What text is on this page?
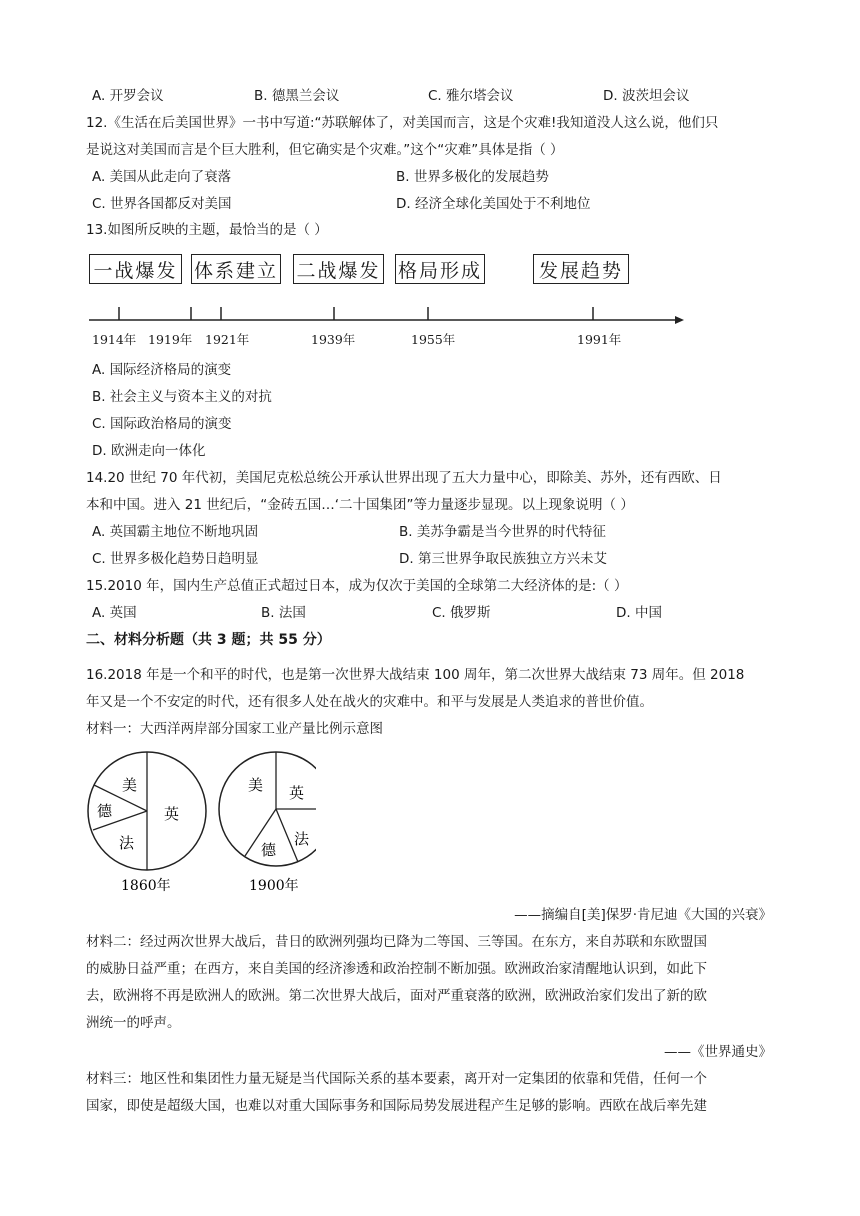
A. 开罗会议	B. 德黑兰会议	C. 雅尔塔会议	D. 波茨坦会议
12.《生活在后美国世界》一书中写道:“苏联解体了，对美国而言，这是个灾难!我知道没人这么说，他们只
是说这对美国而言是个巨大胜利，但它确实是个灾难。”这个“灾难”具体是指（ ）
A. 美国从此走向了衰落	B. 世界多极化的发展趋势
C. 世界各国都反对美国	D. 经济全球化美国处于不利地位
13.如图所反映的主题，最恰当的是（ ）
一战爆发 体系建立 二战爆发 格局形成	发展趋势
1914年 1919年 1921年	1939年	1955年	1991年
A. 国际经济格局的演变
B. 社会主义与资本主义的对抗
C. 国际政治格局的演变
D. 欧洲走向一体化
14.20 世纪 70 年代初，美国尼克松总统公开承认世界出现了五大力量中心，即除美、苏外，还有西欧、日
本和中国。进入 21 世纪后，“金砖五国…‘二十国集团”等力量逐步显现。以上现象说明（ ）
A. 英国霸主地位不断地巩固	B. 美苏争霸是当今世界的时代特征
C. 世界多极化趋势日趋明显	D. 第三世界争取民族独立方兴未艾
15.2010 年，国内生产总值正式超过日本，成为仅次于美国的全球第二大经济体的是:（ ）
A. 英国	B. 法国	C. 俄罗斯	D. 中国
二、材料分析题（共 3 题；共 55 分）
16.2018 年是一个和平的时代，也是第一次世界大战结束 100 周年，第二次世界大战结束 73 周年。但 2018
年又是一个不安定的时代，还有很多人处在战火的灾难中。和平与发展是人类追求的普世价值。
材料一：大西洋两岸部分国家工业产量比例示意图
美
德
法
英
美 英
法
德
1860年	1900年
——摘编自[美]保罗·肯尼迪《大国的兴衰》
材料二：经过两次世界大战后，昔日的欧洲列强均已降为二等国、三等国。在东方，来自苏联和东欧盟国
的威胁日益严重；在西方，来自美国的经济渗透和政治控制不断加强。欧洲政治家清醒地认识到，如此下
去，欧洲将不再是欧洲人的欧洲。第二次世界大战后，面对严重衰落的欧洲，欧洲政治家们发出了新的欧
洲统一的呼声。
——《世界通史》
材料三：地区性和集团性力量无疑是当代国际关系的基本要素，离开对一定集团的依靠和凭借，任何一个
国家，即使是超级大国，也难以对重大国际事务和国际局势发展进程产生足够的影响。西欧在战后率先建
